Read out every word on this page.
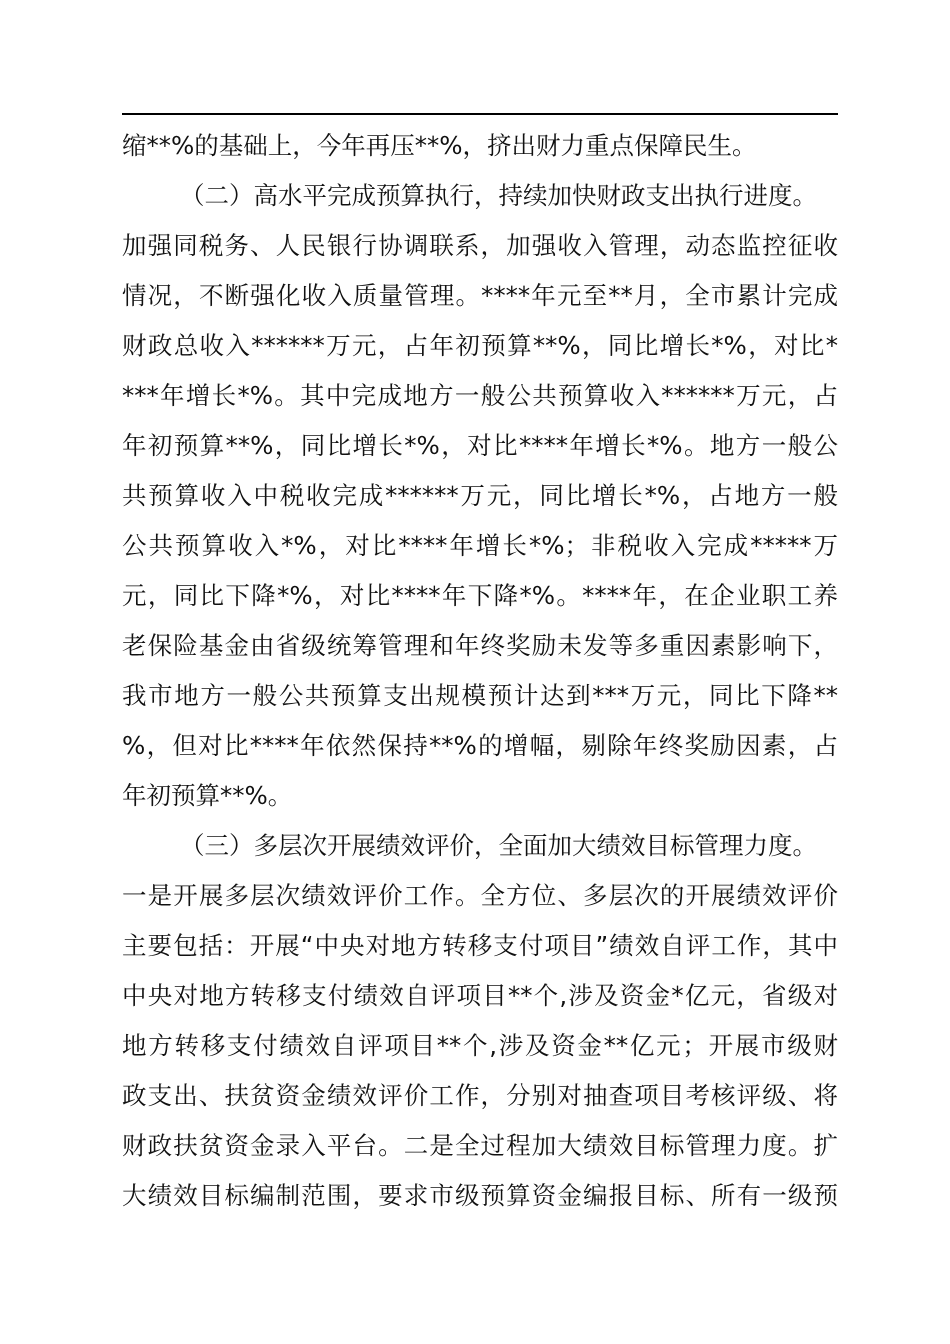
缩**%的基础上，今年再压**%，挤出财力重点保障民生。
（二）高水平完成预算执行，持续加快财政支出执行进度。
加强同税务、人民银行协调联系，加强收入管理，动态监控征收
情况，不断强化收入质量管理。****年元至**月，全市累计完成
财政总收入******万元，占年初预算**%，同比增长*%，对比*
***年增长*%。其中完成地方一般公共预算收入******万元，占
年初预算**%，同比增长*%，对比****年增长*%。地方一般公
共预算收入中税收完成******万元，同比增长*%，占地方一般
公共预算收入*%，对比****年增长*%；非税收入完成*****万
元，同比下降*%，对比****年下降*%。****年，在企业职工养
老保险基金由省级统筹管理和年终奖励未发等多重因素影响下，
我市地方一般公共预算支出规模预计达到***万元，同比下降**
%，但对比****年依然保持**%的增幅，剔除年终奖励因素，占
年初预算**%。
（三）多层次开展绩效评价，全面加大绩效目标管理力度。
一是开展多层次绩效评价工作。全方位、多层次的开展绩效评价
主要包括：开展“中央对地方转移支付项目”绩效自评工作，其中
中央对地方转移支付绩效自评项目**个,涉及资金*亿元，省级对
地方转移支付绩效自评项目**个,涉及资金**亿元；开展市级财
政支出、扶贫资金绩效评价工作，分别对抽查项目考核评级、将
财政扶贫资金录入平台。二是全过程加大绩效目标管理力度。扩
大绩效目标编制范围，要求市级预算资金编报目标、所有一级预
